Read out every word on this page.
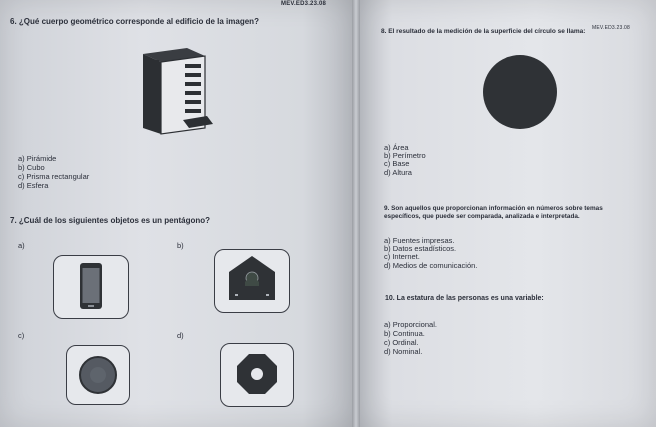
MEV.ED3.23.08
MEV.ED3.23.08
6. ¿Qué cuerpo geométrico corresponde al edificio de la imagen?
a) Pirámide
b) Cubo
c) Prisma rectangular
d) Esfera
7. ¿Cuál de los siguientes objetos es un pentágono?
a)	b)
c)	d)
8. El resultado de la medición de la superficie del círculo se llama:
a) Área
b) Perímetro
c) Base
d) Altura
9. Son aquellos que proporcionan información en números sobre temas
específicos, que puede ser comparada, analizada e interpretada.
a) Fuentes impresas.
b) Datos estadísticos.
c) Internet.
d) Medios de comunicación.
10. La estatura de las personas es una variable:
a) Proporcional.
b) Continua.
c) Ordinal.
d) Nominal.
